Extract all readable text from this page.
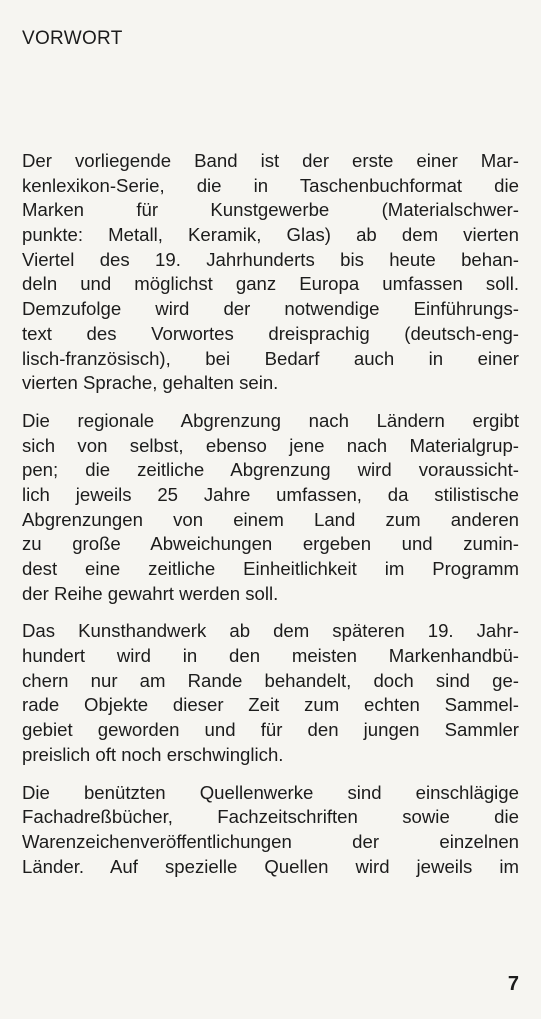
VORWORT

Der vorliegende Band ist der erste einer Mar-
kenlexikon-Serie, die in Taschenbuchformat die
Marken für Kunstgewerbe (Materialschwer-
punkte: Metall, Keramik, Glas) ab dem vierten
Viertel des 19. Jahrhunderts bis heute behan-
deln und möglichst ganz Europa umfassen soll.
Demzufolge wird der notwendige Einführungs-
text des Vorwortes dreisprachig (deutsch-eng-
lisch-französisch), bei Bedarf auch in einer
vierten Sprache, gehalten sein.

Die regionale Abgrenzung nach Ländern ergibt
sich von selbst, ebenso jene nach Materialgrup-
pen; die zeitliche Abgrenzung wird voraussicht-
lich jeweils 25 Jahre umfassen, da stilistische
Abgrenzungen von einem Land zum anderen
zu große Abweichungen ergeben und zumin-
dest eine zeitliche Einheitlichkeit im Programm
der Reihe gewahrt werden soll.

Das Kunsthandwerk ab dem späteren 19. Jahr-
hundert wird in den meisten Markenhandbü-
chern nur am Rande behandelt, doch sind ge-
rade Objekte dieser Zeit zum echten Sammel-
gebiet geworden und für den jungen Sammler
preislich oft noch erschwinglich.

Die benützten Quellenwerke sind einschlägige
Fachadreßbücher, Fachzeitschriften sowie die
Warenzeichenveröffentlichungen der einzelnen
Länder. Auf spezielle Quellen wird jeweils im

7
